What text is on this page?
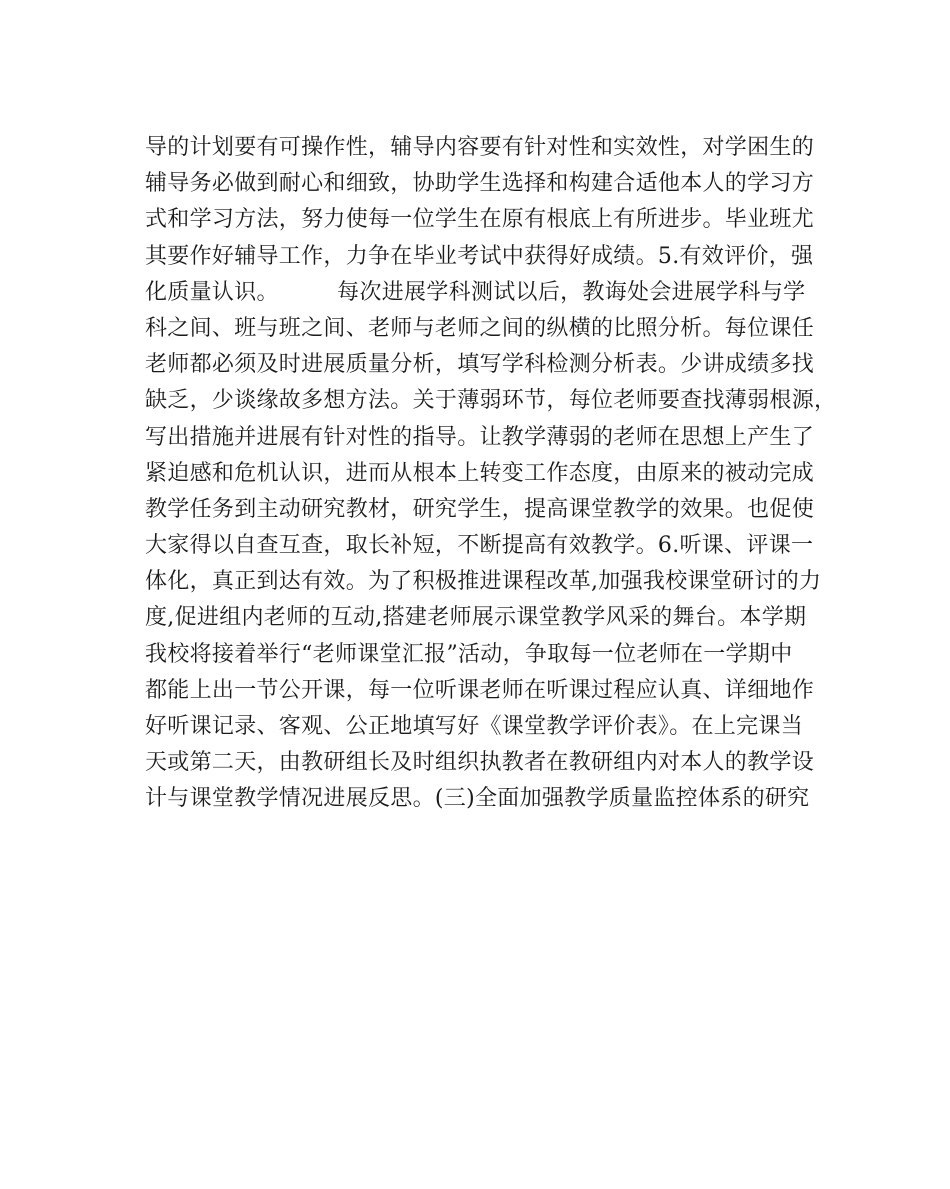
导的计划要有可操作性，辅导内容要有针对性和实效性，对学困生的
辅导务必做到耐心和细致，协助学生选择和构建合适他本人的学习方
式和学习方法，努力使每一位学生在原有根底上有所进步。毕业班尤
其要作好辅导工作，力争在毕业考试中获得好成绩。5.有效评价，强
化质量认识。        每次进展学科测试以后，教诲处会进展学科与学
科之间、班与班之间、老师与老师之间的纵横的比照分析。每位课任
老师都必须及时进展质量分析，填写学科检测分析表。少讲成绩多找
缺乏，少谈缘故多想方法。关于薄弱环节，每位老师要查找薄弱根源，
写出措施并进展有针对性的指导。让教学薄弱的老师在思想上产生了
紧迫感和危机认识，进而从根本上转变工作态度，由原来的被动完成
教学任务到主动研究教材，研究学生，提高课堂教学的效果。也促使
大家得以自查互查，取长补短，不断提高有效教学。6.听课、评课一
体化，真正到达有效。为了积极推进课程改革,加强我校课堂研讨的力
度,促进组内老师的互动,搭建老师展示课堂教学风采的舞台。本学期
我校将接着举行“老师课堂汇报”活动，争取每一位老师在一学期中
都能上出一节公开课，每一位听课老师在听课过程应认真、详细地作
好听课记录、客观、公正地填写好《课堂教学评价表》。在上完课当
天或第二天，由教研组长及时组织执教者在教研组内对本人的教学设
计与课堂教学情况进展反思。(三)全面加强教学质量监控体系的研究
